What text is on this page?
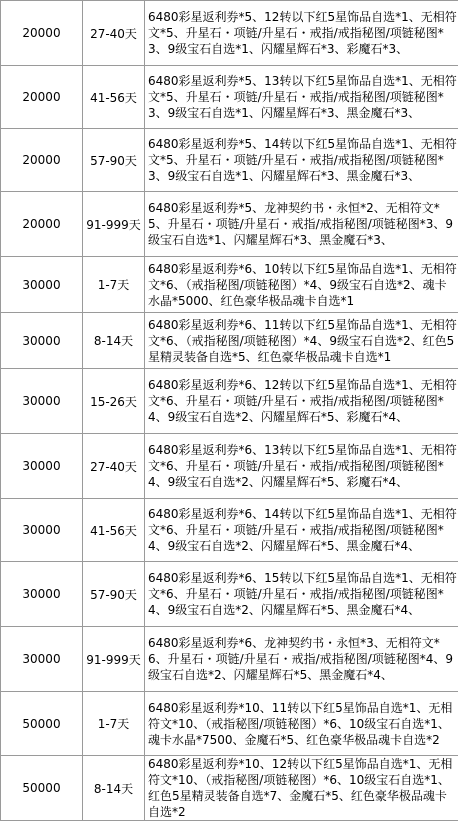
20000	27-40天	6480彩星返利券*5、12转以下红5星饰品自选*1、无相符文*5、升星石・项链/升星石・戒指/戒指秘图/项链秘图*3、9级宝石自选*1、闪耀星辉石*3、彩魔石*3、
20000	41-56天	6480彩星返利券*5、13转以下红5星饰品自选*1、无相符文*5、升星石・项链/升星石・戒指/戒指秘图/项链秘图*3、9级宝石自选*1、闪耀星辉石*3、黑金魔石*3、
20000	57-90天	6480彩星返利券*5、14转以下红5星饰品自选*1、无相符文*5、升星石・项链/升星石・戒指/戒指秘图/项链秘图*3、9级宝石自选*1、闪耀星辉石*3、黑金魔石*3、
20000	91-999天	6480彩星返利券*5、龙神契约书・永恒*2、无相符文*5、升星石・项链/升星石・戒指/戒指秘图/项链秘图*3、9级宝石自选*1、闪耀星辉石*3、黑金魔石*3、
30000	1-7天	6480彩星返利券*6、10转以下红5星饰品自选*1、无相符文*6、（戒指秘图/项链秘图）*4、9级宝石自选*2、魂卡水晶*5000、红色豪华极品魂卡自选*1
30000	8-14天	6480彩星返利券*6、11转以下红5星饰品自选*1、无相符文*6、（戒指秘图/项链秘图）*4、9级宝石自选*2、红色5星精灵装备自选*5、红色豪华极品魂卡自选*1
30000	15-26天	6480彩星返利券*6、12转以下红5星饰品自选*1、无相符文*6、升星石・项链/升星石・戒指/戒指秘图/项链秘图*4、9级宝石自选*2、闪耀星辉石*5、彩魔石*4、
30000	27-40天	6480彩星返利券*6、13转以下红5星饰品自选*1、无相符文*6、升星石・项链/升星石・戒指/戒指秘图/项链秘图*4、9级宝石自选*2、闪耀星辉石*5、彩魔石*4、
30000	41-56天	6480彩星返利券*6、14转以下红5星饰品自选*1、无相符文*6、升星石・项链/升星石・戒指/戒指秘图/项链秘图*4、9级宝石自选*2、闪耀星辉石*5、黑金魔石*4、
30000	57-90天	6480彩星返利券*6、15转以下红5星饰品自选*1、无相符文*6、升星石・项链/升星石・戒指/戒指秘图/项链秘图*4、9级宝石自选*2、闪耀星辉石*5、黑金魔石*4、
30000	91-999天	6480彩星返利券*6、龙神契约书・永恒*3、无相符文*6、升星石・项链/升星石・戒指/戒指秘图/项链秘图*4、9级宝石自选*2、闪耀星辉石*5、黑金魔石*4、
50000	1-7天	6480彩星返利券*10、11转以下红5星饰品自选*1、无相符文*10、（戒指秘图/项链秘图）*6、10级宝石自选*1、魂卡水晶*7500、金魔石*5、红色豪华极品魂卡自选*2
50000	8-14天	6480彩星返利券*10、12转以下红5星饰品自选*1、无相符文*10、（戒指秘图/项链秘图）*6、10级宝石自选*1、红色5星精灵装备自选*7、金魔石*5、红色豪华极品魂卡自选*2
